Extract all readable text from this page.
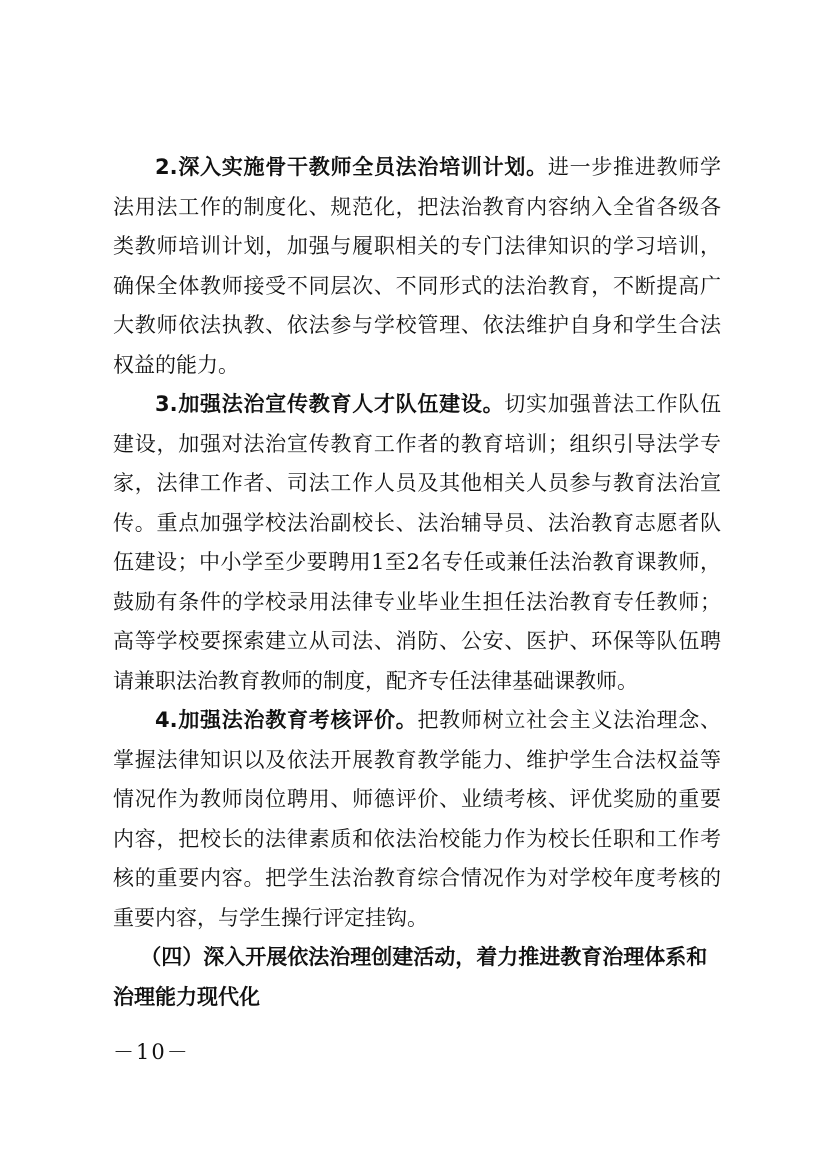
2.深入实施骨干教师全员法治培训计划。进一步推进教师学法用法工作的制度化、规范化，把法治教育内容纳入全省各级各类教师培训计划，加强与履职相关的专门法律知识的学习培训，确保全体教师接受不同层次、不同形式的法治教育，不断提高广大教师依法执教、依法参与学校管理、依法维护自身和学生合法权益的能力。

3.加强法治宣传教育人才队伍建设。切实加强普法工作队伍建设，加强对法治宣传教育工作者的教育培训；组织引导法学专家，法律工作者、司法工作人员及其他相关人员参与教育法治宣传。重点加强学校法治副校长、法治辅导员、法治教育志愿者队伍建设；中小学至少要聘用1至2名专任或兼任法治教育课教师，鼓励有条件的学校录用法律专业毕业生担任法治教育专任教师；高等学校要探索建立从司法、消防、公安、医护、环保等队伍聘请兼职法治教育教师的制度，配齐专任法律基础课教师。

4.加强法治教育考核评价。把教师树立社会主义法治理念、掌握法律知识以及依法开展教育教学能力、维护学生合法权益等情况作为教师岗位聘用、师德评价、业绩考核、评优奖励的重要内容，把校长的法律素质和依法治校能力作为校长任职和工作考核的重要内容。把学生法治教育综合情况作为对学校年度考核的重要内容，与学生操行评定挂钩。

（四）深入开展依法治理创建活动，着力推进教育治理体系和治理能力现代化

－10－
